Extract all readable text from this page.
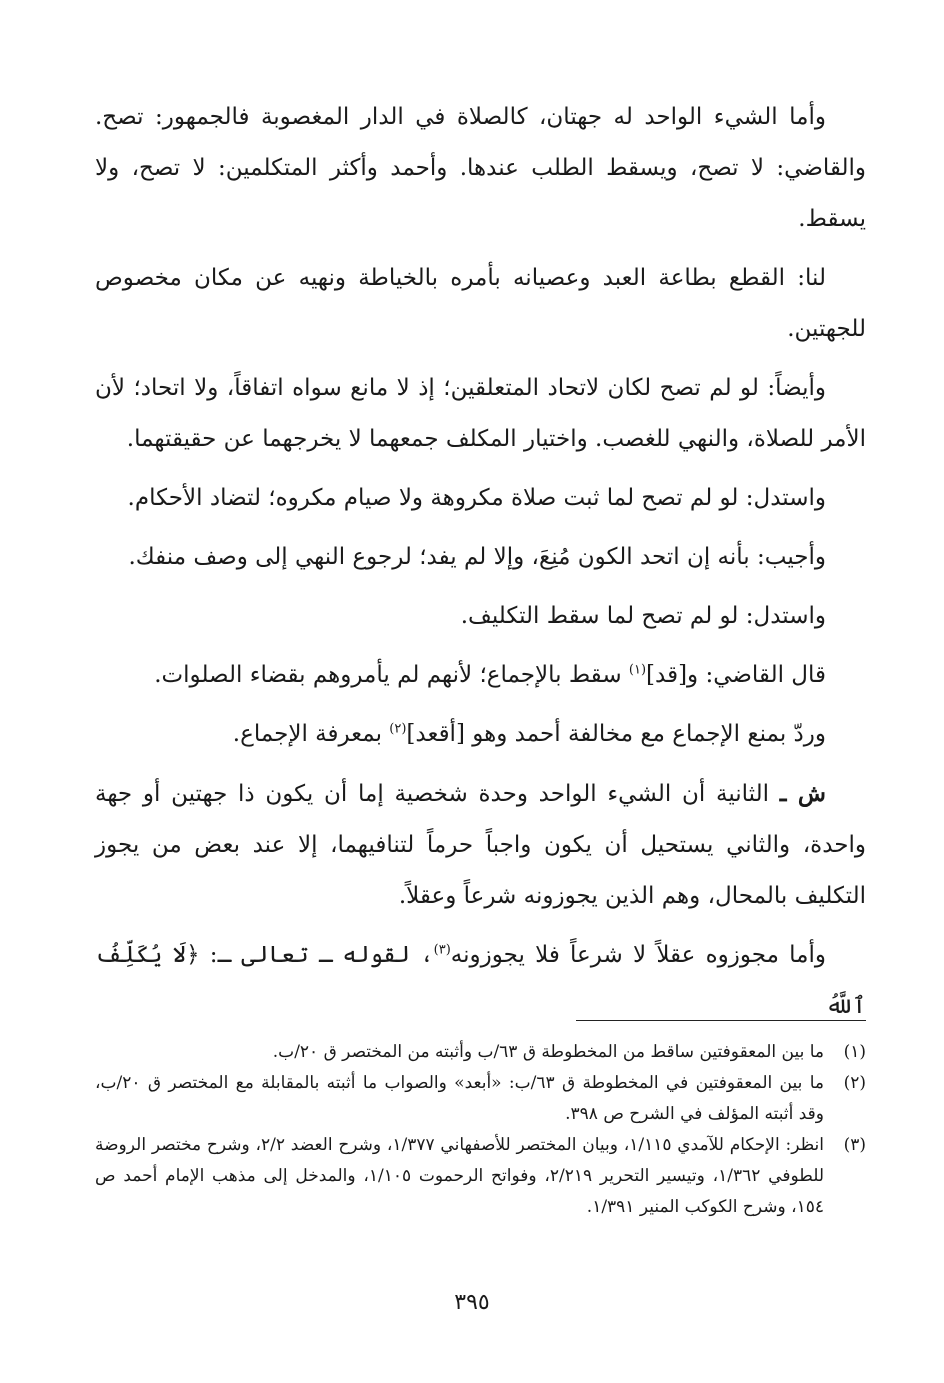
وأما الشيء الواحد له جهتان، كالصلاة في الدار المغصوبة فالجمهور: تصح. والقاضي: لا تصح، ويسقط الطلب عندها. وأحمد وأكثر المتكلمين: لا تصح، ولا يسقط.

لنا: القطع بطاعة العبد وعصيانه بأمره بالخياطة ونهيه عن مكان مخصوص للجهتين.

وأيضاً: لو لم تصح لكان لاتحاد المتعلقين؛ إذ لا مانع سواه اتفاقاً، ولا اتحاد؛ لأن الأمر للصلاة، والنهي للغصب. واختيار المكلف جمعهما لا يخرجهما عن حقيقتهما.

واستدل: لو لم تصح لما ثبت صلاة مكروهة ولا صيام مكروه؛ لتضاد الأحكام.

وأجيب: بأنه إن اتحد الكون مُنِعَ، وإلا لم يفد؛ لرجوع النهي إلى وصف منفك.

واستدل: لو لم تصح لما سقط التكليف.

قال القاضي: و[قد]$^{(١)}$ سقط بالإجماع؛ لأنهم لم يأمروهم بقضاء الصلوات.

وردّ بمنع الإجماع مع مخالفة أحمد وهو [أقعد]$^{(٢)}$ بمعرفة الإجماع.

ش ـ الثانية أن الشيء الواحد وحدة شخصية إما أن يكون ذا جهتين أو جهة واحدة، والثاني يستحيل أن يكون واجباً حرماً لتنافيهما، إلا عند بعض من يجوز التكليف بالمحال، وهم الذين يجوزونه شرعاً وعقلاً.

وأما مجوزوه عقلاً لا شرعاً فلا يجوزونه$^{(٣)}$، لقوله ـ تعالى ـ: ﴿لَا يُكَلِّفُ ٱللَّهُ

(١)
ما بين المعقوفتين ساقط من المخطوطة ق ٦٣/ب وأثبته من المختصر ق ٢٠/ب.
(٢)
ما بين المعقوفتين في المخطوطة ق ٦٣/ب: «أبعد» والصواب ما أثبته بالمقابلة مع المختصر ق ٢٠/ب، وقد أثبته المؤلف في الشرح ص ٣٩٨.
(٣)
انظر: الإحكام للآمدي ١/١١٥، وبيان المختصر للأصفهاني ١/٣٧٧، وشرح العضد ٢/٢، وشرح مختصر الروضة للطوفي ١/٣٦٢، وتيسير التحرير ٢/٢١٩، وفواتح الرحموت ١/١٠٥، والمدخل إلى مذهب الإمام أحمد ص ١٥٤، وشرح الكوكب المنير ١/٣٩١.
٣٩٥
